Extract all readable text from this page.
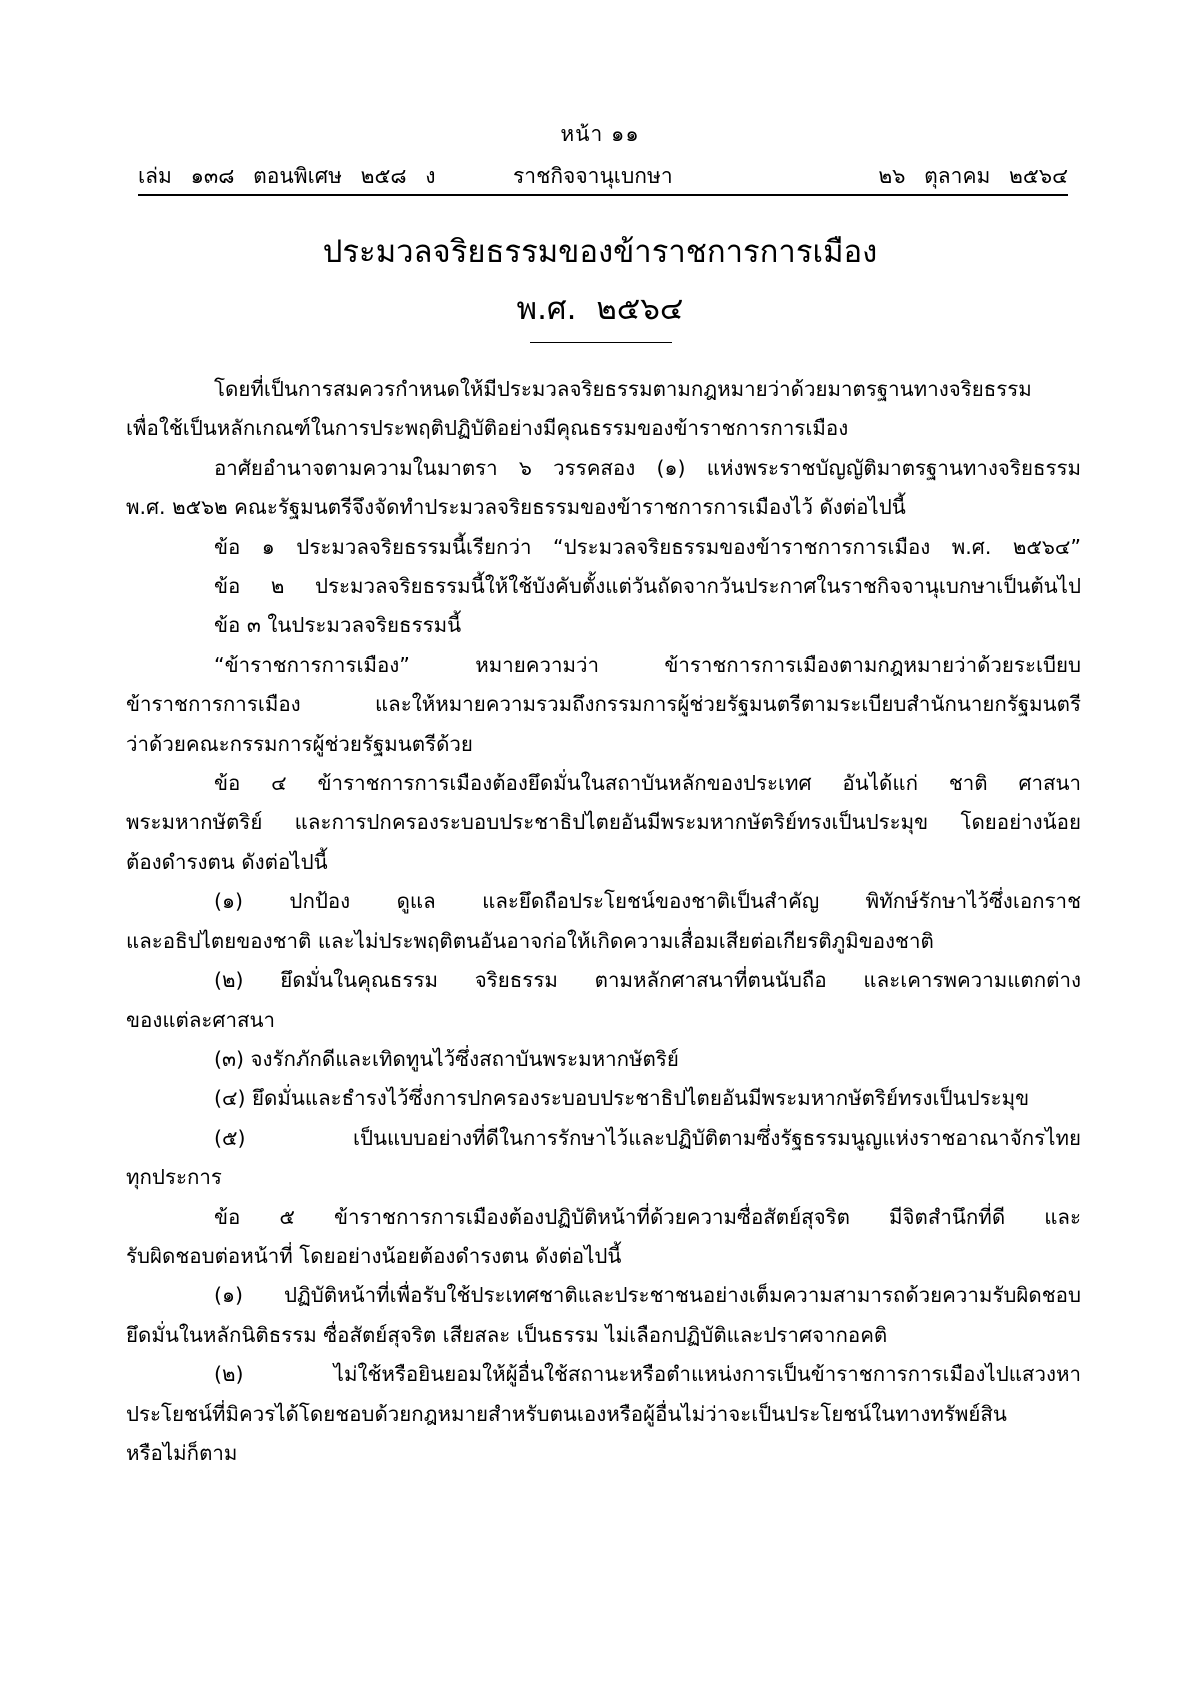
หน้า ๑๑
เล่ม ๑๓๘ ตอนพิเศษ ๒๕๘ ง	ราชกิจจานุเบกษา	๒๖ ตุลาคม ๒๕๖๔
ประมวลจริยธรรมของข้าราชการการเมือง
พ.ศ. ๒๕๖๔
โดยที่เป็นการสมควรกำหนดให้มีประมวลจริยธรรมตามกฎหมายว่าด้วยมาตรฐานทางจริยธรรม
เพื่อใช้เป็นหลักเกณฑ์ในการประพฤติปฏิบัติอย่างมีคุณธรรมของข้าราชการการเมือง
อาศัยอำนาจตามความในมาตรา ๖ วรรคสอง (๑) แห่งพระราชบัญญัติมาตรฐานทางจริยธรรม
พ.ศ. ๒๕๖๒ คณะรัฐมนตรีจึงจัดทำประมวลจริยธรรมของข้าราชการการเมืองไว้ ดังต่อไปนี้
ข้อ ๑ ประมวลจริยธรรมนี้เรียกว่า “ประมวลจริยธรรมของข้าราชการการเมือง พ.ศ. ๒๕๖๔”
ข้อ ๒ ประมวลจริยธรรมนี้ให้ใช้บังคับตั้งแต่วันถัดจากวันประกาศในราชกิจจานุเบกษาเป็นต้นไป
ข้อ ๓ ในประมวลจริยธรรมนี้
“ข้าราชการการเมือง” หมายความว่า ข้าราชการการเมืองตามกฎหมายว่าด้วยระเบียบ
ข้าราชการการเมือง และให้หมายความรวมถึงกรรมการผู้ช่วยรัฐมนตรีตามระเบียบสำนักนายกรัฐมนตรี
ว่าด้วยคณะกรรมการผู้ช่วยรัฐมนตรีด้วย
ข้อ ๔ ข้าราชการการเมืองต้องยึดมั่นในสถาบันหลักของประเทศ อันได้แก่ ชาติ ศาสนา
พระมหากษัตริย์ และการปกครองระบอบประชาธิปไตยอันมีพระมหากษัตริย์ทรงเป็นประมุข โดยอย่างน้อย
ต้องดำรงตน ดังต่อไปนี้
(๑) ปกป้อง ดูแล และยึดถือประโยชน์ของชาติเป็นสำคัญ พิทักษ์รักษาไว้ซึ่งเอกราช
และอธิปไตยของชาติ และไม่ประพฤติตนอันอาจก่อให้เกิดความเสื่อมเสียต่อเกียรติภูมิของชาติ
(๒) ยึดมั่นในคุณธรรม จริยธรรม ตามหลักศาสนาที่ตนนับถือ และเคารพความแตกต่าง
ของแต่ละศาสนา
(๓) จงรักภักดีและเทิดทูนไว้ซึ่งสถาบันพระมหากษัตริย์
(๔) ยึดมั่นและธำรงไว้ซึ่งการปกครองระบอบประชาธิปไตยอันมีพระมหากษัตริย์ทรงเป็นประมุข
(๕) เป็นแบบอย่างที่ดีในการรักษาไว้และปฏิบัติตามซึ่งรัฐธรรมนูญแห่งราชอาณาจักรไทย
ทุกประการ
ข้อ ๕ ข้าราชการการเมืองต้องปฏิบัติหน้าที่ด้วยความซื่อสัตย์สุจริต มีจิตสำนึกที่ดี และ
รับผิดชอบต่อหน้าที่ โดยอย่างน้อยต้องดำรงตน ดังต่อไปนี้
(๑) ปฏิบัติหน้าที่เพื่อรับใช้ประเทศชาติและประชาชนอย่างเต็มความสามารถด้วยความรับผิดชอบ
ยึดมั่นในหลักนิติธรรม ซื่อสัตย์สุจริต เสียสละ เป็นธรรม ไม่เลือกปฏิบัติและปราศจากอคติ
(๒) ไม่ใช้หรือยินยอมให้ผู้อื่นใช้สถานะหรือตำแหน่งการเป็นข้าราชการการเมืองไปแสวงหา
ประโยชน์ที่มิควรได้โดยชอบด้วยกฎหมายสำหรับตนเองหรือผู้อื่นไม่ว่าจะเป็นประโยชน์ในทางทรัพย์สิน
หรือไม่ก็ตาม
